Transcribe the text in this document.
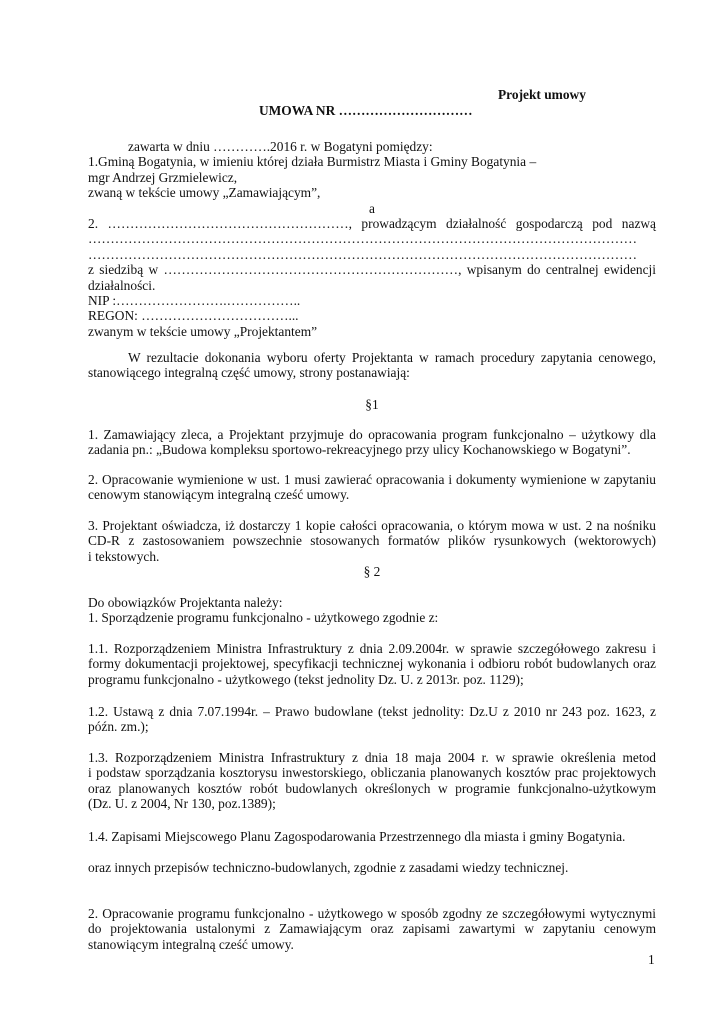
Projekt umowy
UMOWA NR …………………………
zawarta w dniu ………….2016 r. w Bogatyni pomiędzy:
1.Gminą Bogatynia, w imieniu której działa Burmistrz Miasta i Gminy Bogatynia –
mgr Andrzej Grzmielewicz,
zwaną w tekście umowy „Zamawiającym”,
a
2. ………………………………………………, prowadzącym działalność gospodarczą pod nazwą
……………………………………………………………………………………………………………
……………………………………………………………………………………………………………
z siedzibą w …………………………………………………………, wpisanym do centralnej ewidencji
działalności.
NIP :…………………….……………..
REGON: ……………………………...
zwanym w tekście umowy „Projektantem”
W rezultacie dokonania wyboru oferty Projektanta w ramach procedury zapytania cenowego,
stanowiącego integralną część umowy, strony postanawiają:
§1
1. Zamawiający zleca, a Projektant przyjmuje do opracowania program funkcjonalno – użytkowy dla
zadania pn.: „Budowa kompleksu sportowo-rekreacyjnego przy ulicy Kochanowskiego w Bogatyni”.
2. Opracowanie wymienione w ust. 1 musi zawierać opracowania i dokumenty wymienione w zapytaniu
cenowym stanowiącym integralną cześć umowy.
3. Projektant oświadcza, iż dostarczy 1 kopie całości opracowania, o którym mowa w ust. 2 na nośniku
CD-R z zastosowaniem powszechnie stosowanych formatów plików rysunkowych (wektorowych)
i tekstowych.
§ 2
Do obowiązków Projektanta należy:
1. Sporządzenie programu funkcjonalno - użytkowego zgodnie z:
1.1. Rozporządzeniem Ministra Infrastruktury z dnia 2.09.2004r. w sprawie szczegółowego zakresu i
formy dokumentacji projektowej, specyfikacji technicznej wykonania i odbioru robót budowlanych oraz
programu funkcjonalno - użytkowego (tekst jednolity Dz. U. z 2013r. poz. 1129);
1.2. Ustawą z dnia 7.07.1994r. – Prawo budowlane (tekst jednolity: Dz.U z 2010 nr 243 poz. 1623, z
późn. zm.);
1.3. Rozporządzeniem Ministra Infrastruktury z dnia 18 maja 2004 r. w sprawie określenia metod
i podstaw sporządzania kosztorysu inwestorskiego, obliczania planowanych kosztów prac projektowych
oraz planowanych kosztów robót budowlanych określonych w programie funkcjonalno-użytkowym
(Dz. U. z 2004, Nr 130, poz.1389);
1.4. Zapisami Miejscowego Planu Zagospodarowania Przestrzennego dla miasta i gminy Bogatynia.
oraz innych przepisów techniczno-budowlanych, zgodnie z zasadami wiedzy technicznej.
2. Opracowanie programu funkcjonalno - użytkowego w sposób zgodny ze szczegółowymi wytycznymi
do projektowania ustalonymi z Zamawiającym oraz zapisami zawartymi w zapytaniu cenowym
stanowiącym integralną cześć umowy.
1
